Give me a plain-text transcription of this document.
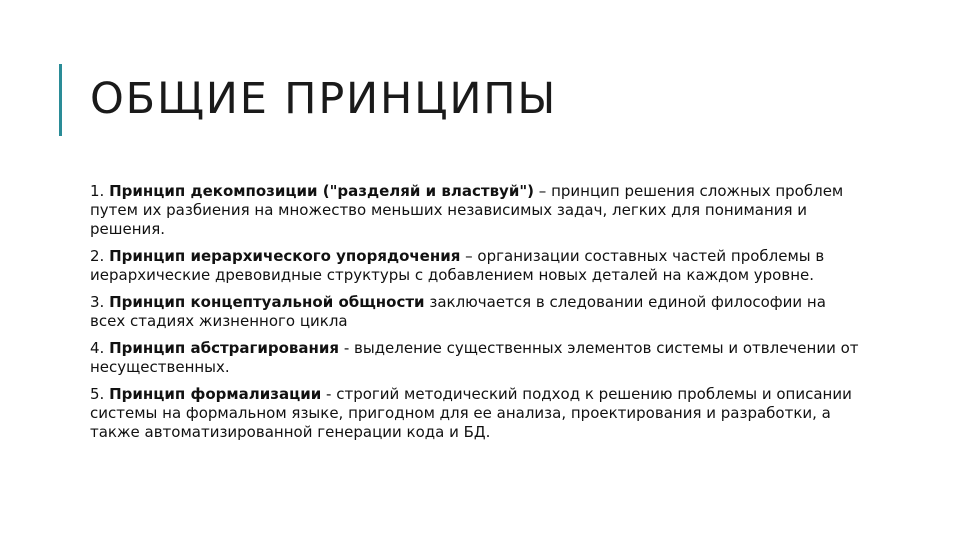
ОБЩИЕ ПРИНЦИПЫ
1. Принцип декомпозиции ("разделяй и властвуй") – принцип решения сложных проблем путем их разбиения на множество меньших независимых задач, легких для понимания и решения.
2. Принцип иерархического упорядочения – организации составных частей проблемы в иерархические древовидные структуры с добавлением новых деталей на каждом уровне.
3. Принцип концептуальной общности заключается в следовании единой философии на всех стадиях жизненного цикла
4. Принцип абстрагирования - выделение существенных элементов системы и отвлечении от несущественных.
5. Принцип формализации - строгий методический подход к решению проблемы и описании системы на формальном языке, пригодном для ее анализа, проектирования и разработки, а также автоматизированной генерации кода и БД.
